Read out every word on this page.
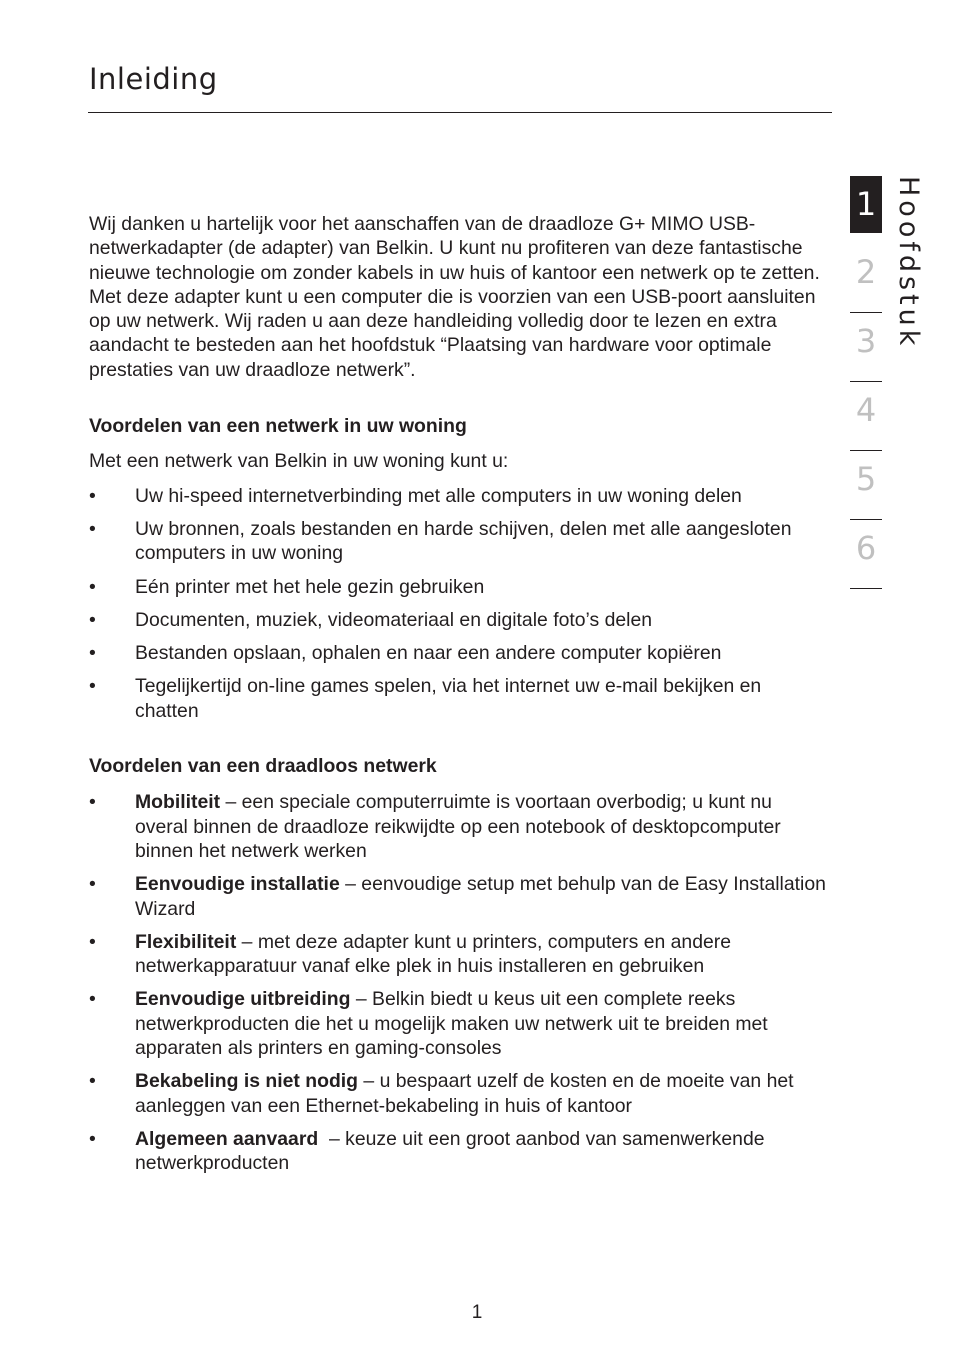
Inleiding

Wij danken u hartelijk voor het aanschaffen van de draadloze G+ MIMO USB-netwerkadapter (de adapter) van Belkin. U kunt nu profiteren van deze fantastische nieuwe technologie om zonder kabels in uw huis of kantoor een netwerk op te zetten. Met deze adapter kunt u een computer die is voorzien van een USB-poort aansluiten op uw netwerk. Wij raden u aan deze handleiding volledig door te lezen en extra aandacht te besteden aan het hoofdstuk “Plaatsing van hardware voor optimale prestaties van uw draadloze netwerk”.

Voordelen van een netwerk in uw woning

Met een netwerk van Belkin in uw woning kunt u:

• Uw hi-speed internetverbinding met alle computers in uw woning delen
• Uw bronnen, zoals bestanden en harde schijven, delen met alle aangesloten computers in uw woning
• Eén printer met het hele gezin gebruiken
• Documenten, muziek, videomateriaal en digitale foto’s delen
• Bestanden opslaan, ophalen en naar een andere computer kopiëren
• Tegelijkertijd on-line games spelen, via het internet uw e-mail bekijken en chatten

Voordelen van een draadloos netwerk

• Mobiliteit – een speciale computerruimte is voortaan overbodig; u kunt nu overal binnen de draadloze reikwijdte op een notebook of desktopcomputer binnen het netwerk werken
• Eenvoudige installatie – eenvoudige setup met behulp van de Easy Installation Wizard
• Flexibiliteit – met deze adapter kunt u printers, computers en andere netwerkapparatuur vanaf elke plek in huis installeren en gebruiken
• Eenvoudige uitbreiding – Belkin biedt u keus uit een complete reeks netwerkproducten die het u mogelijk maken uw netwerk uit te breiden met apparaten als printers en gaming-consoles
• Bekabeling is niet nodig – u bespaart uzelf de kosten en de moeite van het aanleggen van een Ethernet-bekabeling in huis of kantoor
• Algemeen aanvaard  – keuze uit een groot aanbod van samenwerkende netwerkproducten
1
2
3
4
5
6
Hoofdstuk
1
